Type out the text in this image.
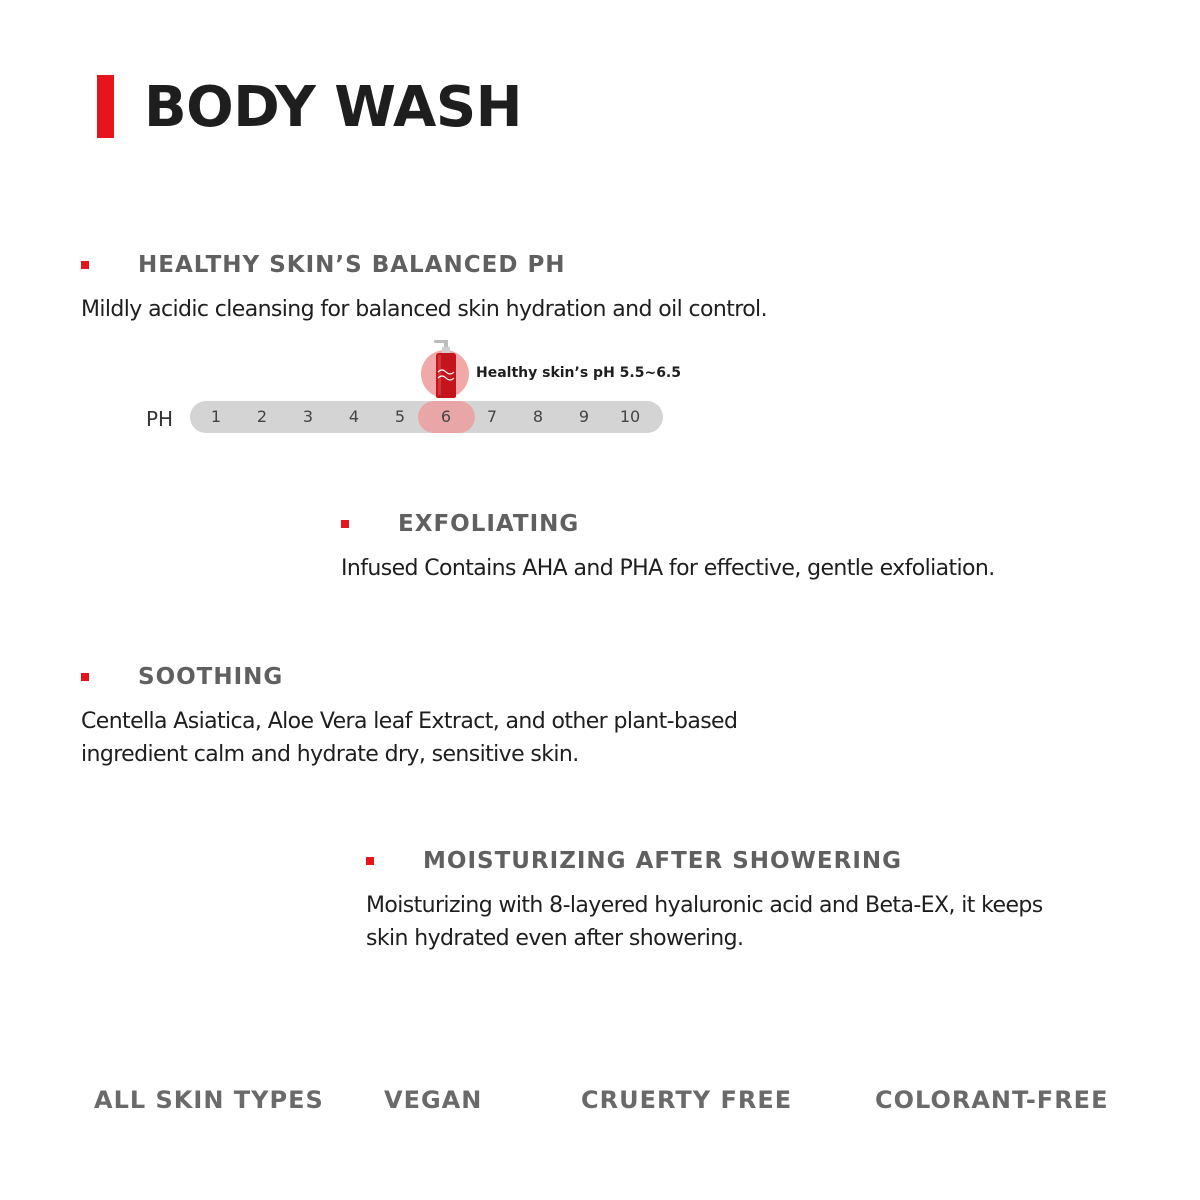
BODY WASH
HEALTHY SKIN’S BALANCED PH
Mildly acidic cleansing for balanced skin hydration and oil control.
PH	1	2	3	4	5	6	7	8	9	10
Healthy skin’s pH 5.5~6.5
EXFOLIATING
Infused Contains AHA and PHA for effective, gentle exfoliation.
SOOTHING
Centella Asiatica, Aloe Vera leaf Extract, and other plant-based
ingredient calm and hydrate dry, sensitive skin.
MOISTURIZING AFTER SHOWERING
Moisturizing with 8-layered hyaluronic acid and Beta-EX, it keeps
skin hydrated even after showering.
ALL SKIN TYPES	VEGAN	CRUERTY FREE	COLORANT-FREE
